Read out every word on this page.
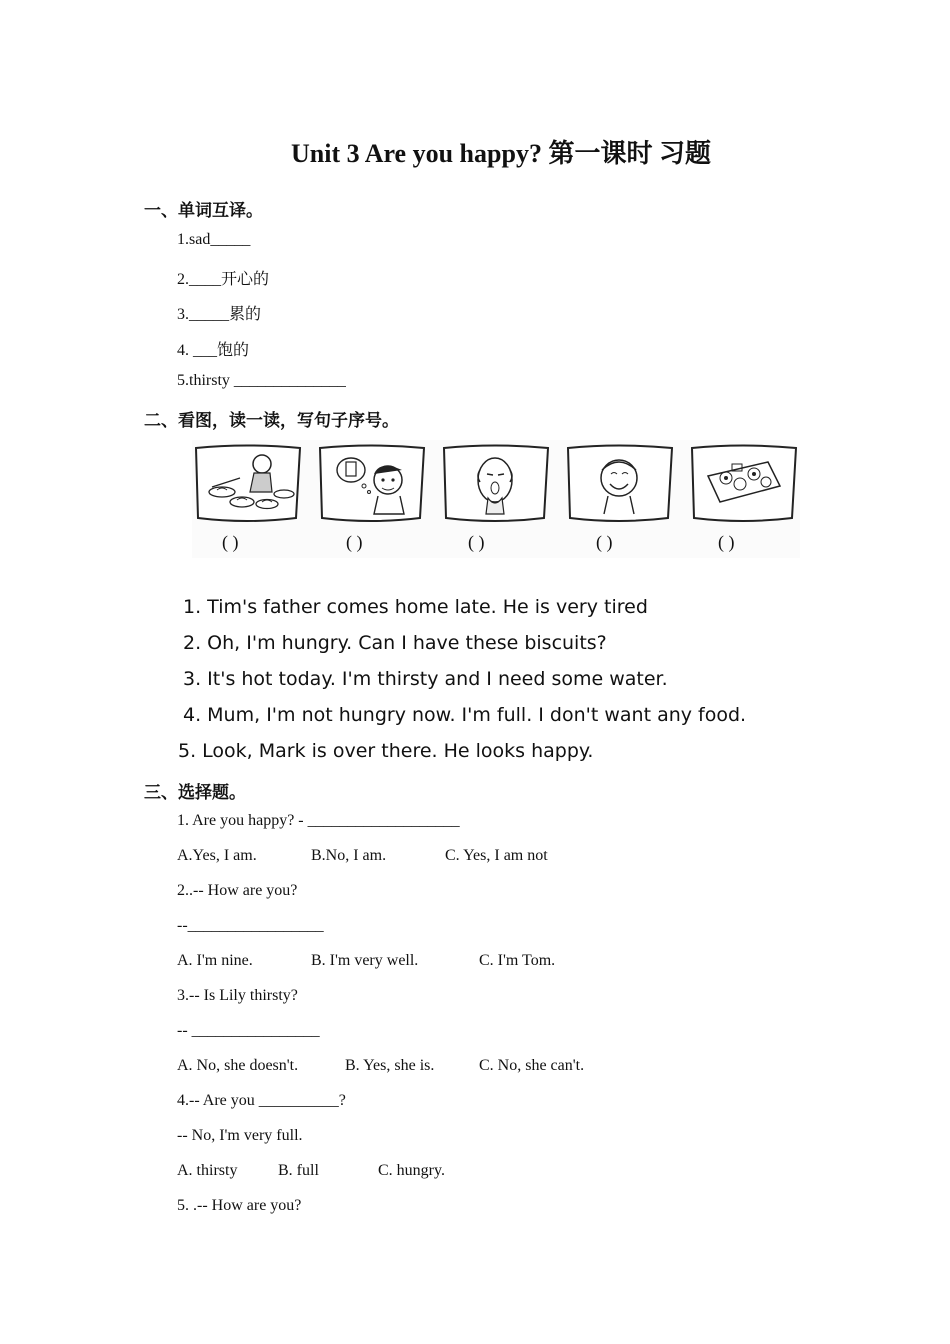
Unit 3 Are you happy? 第一课时 习题
一、单词互译。
1.sad_____
2.____开心的
3._____累的
4. ___饱的
5.thirsty ______________
二、看图，读一读，写句子序号。
( )	( )	( )	( )	( )
1. Tim's father comes home late. He is very tired
2. Oh, I'm hungry. Can I have these biscuits?
3. It's hot today. I'm thirsty and I need some water.
4. Mum, I'm not hungry now. I'm full. I don't want any food.
5. Look, Mark is over there. He looks happy.
三、选择题。
1. Are you happy? - ___________________
A.Yes, I am.	B.No, I am.	C. Yes, I am not
2..-- How are you?
--_________________
A. I'm nine.	B. I'm very well.	C. I'm Tom.
3.-- Is Lily thirsty?
-- ________________
A. No, she doesn't.	B. Yes, she is.	C. No, she can't.
4.-- Are you __________?
-- No, I'm very full.
A. thirsty	B. full	C. hungry.
5. .-- How are you?
